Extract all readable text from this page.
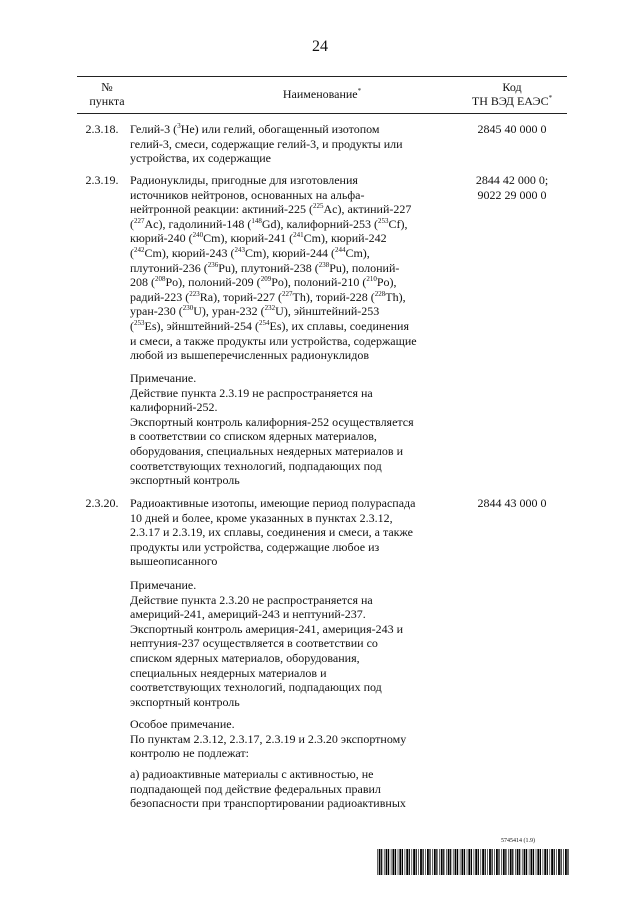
24
№
пункта	Наименование*	Код
ТН ВЭД ЕАЭС*
2.3.18. Гелий-3 ($^3$He) или гелий, обогащенный изотопом
гелий-3, смеси, содержащие гелий-3, и продукты или
устройства, их содержащие
2845 40 000 0
2.3.19. Радионуклиды, пригодные для изготовления
источников нейтронов, основанных на альфа-
нейтронной реакции: актиний-225 ($^{225}$Ac), актиний-227
($^{227}$Ac), гадолиний-148 ($^{148}$Gd), калифорний-253 ($^{253}$Cf),
кюрий-240 ($^{240}$Cm), кюрий-241 ($^{241}$Cm), кюрий-242
($^{242}$Cm), кюрий-243 ($^{243}$Cm), кюрий-244 ($^{244}$Cm),
плутоний-236 ($^{236}$Pu), плутоний-238 ($^{238}$Pu), полоний-
208 ($^{208}$Po), полоний-209 ($^{209}$Po), полоний-210 ($^{210}$Po),
радий-223 ($^{223}$Ra), торий-227 ($^{227}$Th), торий-228 ($^{228}$Th),
уран-230 ($^{230}$U), уран-232 ($^{232}$U), эйнштейний-253
($^{253}$Es), эйнштейний-254 ($^{254}$Es), их сплавы, соединения
и смеси, а также продукты или устройства, содержащие
любой из вышеперечисленных радионуклидов
2844 42 000 0;
9022 29 000 0
Примечание.
Действие пункта 2.3.19 не распространяется на
калифорний-252.
Экспортный контроль калифорния-252 осуществляется
в соответствии со списком ядерных материалов,
оборудования, специальных неядерных материалов и
соответствующих технологий, подпадающих под
экспортный контроль
2.3.20. Радиоактивные изотопы, имеющие период полураспада
10 дней и более, кроме указанных в пунктах 2.3.12,
2.3.17 и 2.3.19, их сплавы, соединения и смеси, а также
продукты или устройства, содержащие любое из
вышеописанного
2844 43 000 0
Примечание.
Действие пункта 2.3.20 не распространяется на
америций-241, америций-243 и нептуний-237.
Экспортный контроль америция-241, америция-243 и
нептуния-237 осуществляется в соответствии со
списком ядерных материалов, оборудования,
специальных неядерных материалов и
соответствующих технологий, подпадающих под
экспортный контроль
Особое примечание.
По пунктам 2.3.12, 2.3.17, 2.3.19 и 2.3.20 экспортному
контролю не подлежат:
а) радиоактивные материалы с активностью, не
подпадающей под действие федеральных правил
безопасности при транспортировании радиоактивных
5745414 (1.9)
